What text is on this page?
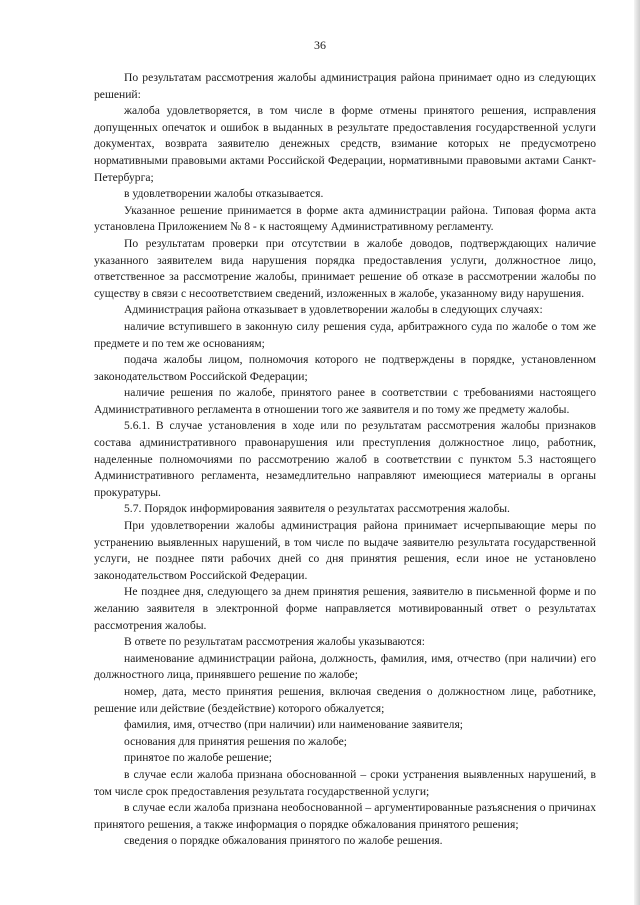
36

По результатам рассмотрения жалобы администрация района принимает одно из следующих решений:

жалоба удовлетворяется, в том числе в форме отмены принятого решения, исправления допущенных опечаток и ошибок в выданных в результате предоставления государственной услуги документах, возврата заявителю денежных средств, взимание которых не предусмотрено нормативными правовыми актами Российской Федерации, нормативными правовыми актами Санкт-Петербурга;

в удовлетворении жалобы отказывается.

Указанное решение принимается в форме акта администрации района. Типовая форма акта установлена Приложением № 8 - к настоящему Административному регламенту.

По результатам проверки при отсутствии в жалобе доводов, подтверждающих наличие указанного заявителем вида нарушения порядка предоставления услуги, должностное лицо, ответственное за рассмотрение жалобы, принимает решение об отказе в рассмотрении жалобы по существу в связи с несоответствием сведений, изложенных в жалобе, указанному виду нарушения.

Администрация района отказывает в удовлетворении жалобы в следующих случаях:

наличие вступившего в законную силу решения суда, арбитражного суда по жалобе о том же предмете и по тем же основаниям;

подача жалобы лицом, полномочия которого не подтверждены в порядке, установленном законодательством Российской Федерации;

наличие решения по жалобе, принятого ранее в соответствии с требованиями настоящего Административного регламента в отношении того же заявителя и по тому же предмету жалобы.

5.6.1. В случае установления в ходе или по результатам рассмотрения жалобы признаков состава административного правонарушения или преступления должностное лицо, работник, наделенные полномочиями по рассмотрению жалоб в соответствии с пунктом 5.3 настоящего Административного регламента, незамедлительно направляют имеющиеся материалы в органы прокуратуры.

5.7. Порядок информирования заявителя о результатах рассмотрения жалобы.

При удовлетворении жалобы администрация района принимает исчерпывающие меры по устранению выявленных нарушений, в том числе по выдаче заявителю результата государственной услуги, не позднее пяти рабочих дней со дня принятия решения, если иное не установлено законодательством Российской Федерации.

Не позднее дня, следующего за днем принятия решения, заявителю в письменной форме и по желанию заявителя в электронной форме направляется мотивированный ответ о результатах рассмотрения жалобы.

В ответе по результатам рассмотрения жалобы указываются:

наименование администрации района, должность, фамилия, имя, отчество (при наличии) его должностного лица, принявшего решение по жалобе;

номер, дата, место принятия решения, включая сведения о должностном лице, работнике, решение или действие (бездействие) которого обжалуется;

фамилия, имя, отчество (при наличии) или наименование заявителя;

основания для принятия решения по жалобе;

принятое по жалобе решение;

в случае если жалоба признана обоснованной – сроки устранения выявленных нарушений, в том числе срок предоставления результата государственной услуги;

в случае если жалоба признана необоснованной – аргументированные разъяснения о причинах принятого решения, а также информация о порядке обжалования принятого решения;

сведения о порядке обжалования принятого по жалобе решения.
